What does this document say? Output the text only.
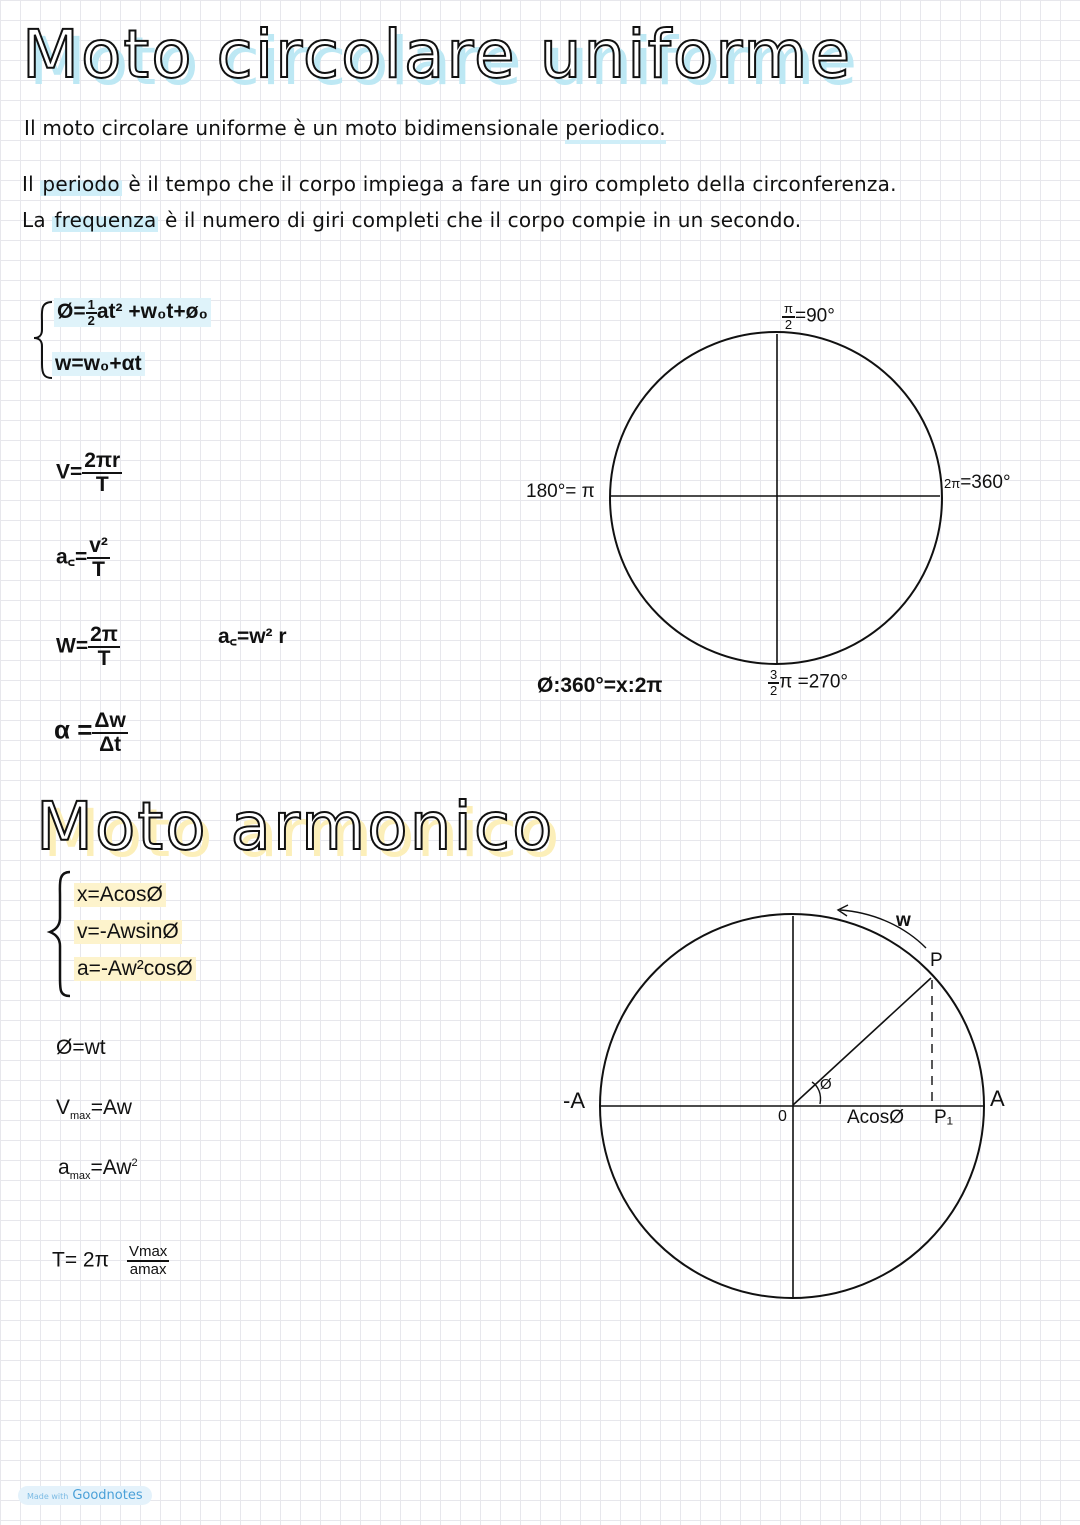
Moto circolare uniforme
Il moto circolare uniforme è un moto bidimensionale periodico.
Il periodo è il tempo che il corpo impiega a fare un giro completo della circonferenza.
La frequenza è il numero di giri completi che il corpo compie in un secondo.
Ø= $\frac{1}{2} at^2$ +w₀t+ø₀
w=w₀+αt
$V= \frac{2\pi r}{T}$
a꜀= $\frac{\text{v²}}{T}$
$W= \frac{2\pi}{T}$	a꜀=w² r
$\alpha = \frac{\Delta w}{\Delta t}$
$\frac{\pi}{2} =90^\circ$
180°= π	2π=360°
$\frac{3}{2}$ π =270°
Ø:360°=x:2π
Moto armonico
x=AcosØ
v=-AwsinØ
a=-Aw²cosØ
Ø=wt
$V_{max}=Aw$
$a_{max}=Aw^2$
$T= 2\pi \frac{Vmax}{amax}$
w
P
-A	A
0
Ø
AcosØ P₁
Made with Goodnotes
